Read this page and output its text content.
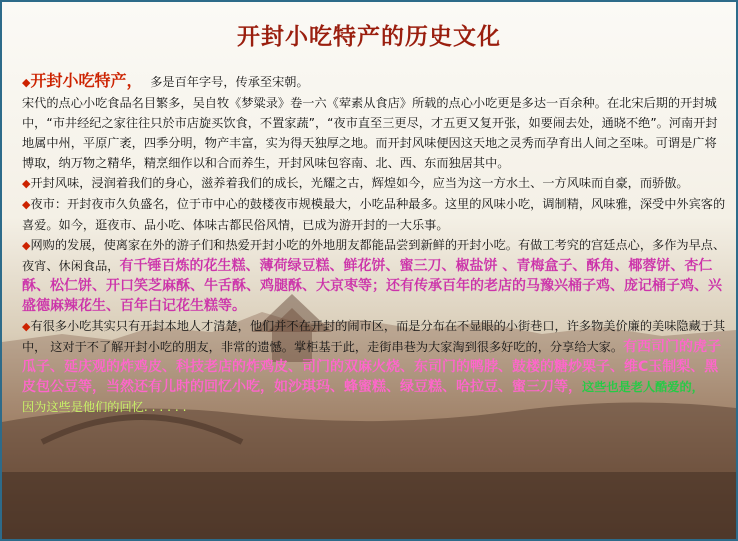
开封小吃特产的历史文化

◆开封小吃特产， 多是百年字号，传承至宋朝。

宋代的点心小吃食品名目繁多，吴自牧《梦粱录》卷一六《荤素从食店》所载的点心小吃更是多达一百余种。在北宋后期的开封城中，“市井经纪之家往往只於市店旋买饮食，不置家蔬”，“夜市直至三更尽，才五更又复开张，如要闹去处，通晓不绝”。河南开封地属中州，平原广袤，四季分明，物产丰富，实为得天独厚之地。而开封风味便因这天地之灵秀而孕育出人间之至味。可谓是广将博取，纳万物之精华，精烹细作以和合而养生，开封风味包容南、北、西、东而独居其中。

◆开封风味，浸润着我们的身心，滋养着我们的成长，光耀之古，辉煌如今，应当为这一方水土、一方风味而自豪，而骄傲。

◆夜市：开封夜市久负盛名，位于市中心的鼓楼夜市规模最大，小吃品种最多。这里的风味小吃，调制精，风味雅，深受中外宾客的喜爱。如今，逛夜市、品小吃、体味古都民俗风情，已成为游开封的一大乐事。

◆网购的发展，使离家在外的游子们和热爱开封小吃的外地朋友都能品尝到新鲜的开封小吃。有做工考究的宫廷点心，多作为早点、夜宵、休闲食品，有千锤百炼的花生糕、薄荷绿豆糕、鲜花饼、蜜三刀、椒盐饼 、青梅盒子、酥角、椰蓉饼、杏仁酥、松仁饼、开口笑芝麻酥、牛舌酥、鸡腿酥、大京枣等；还有传承百年的老店的马豫兴桶子鸡、庞记桶子鸡、兴盛德麻辣花生、百年白记花生糕等。

◆有很多小吃其实只有开封本地人才清楚，他们并不在开封的闹市区，而是分布在不显眼的小街巷口，许多物美价廉的美味隐藏于其中， 这对于不了解开封小吃的朋友，非常的遗憾。掌柜基于此，走街串巷为大家淘到很多好吃的，分享给大家。有西司门的虎子瓜子、延庆观的炸鸡皮、科技老店的炸鸡皮、司门的双麻火烧、东司门的鸭脖、鼓楼的糖炒栗子、维C玉制梨、黑皮包公豆等，当然还有儿时的回忆小吃，如沙琪玛、蜂蜜糕、绿豆糕、哈拉豆、蜜三刀等，这些也是老人酷爱的，
因为这些是他们的回忆. . . . . .
